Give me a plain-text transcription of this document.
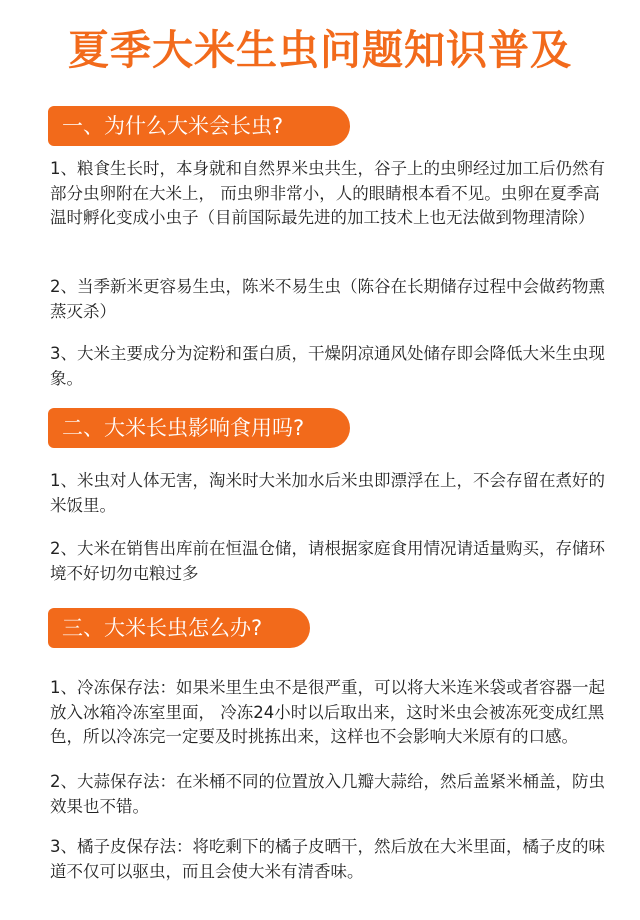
夏季大米生虫问题知识普及
一、为什么大米会长虫?

1、粮食生长时，本身就和自然界米虫共生，谷子上的虫卵经过加工后仍然有部分虫卵附在大米上， 而虫卵非常小，人的眼睛根本看不见。虫卵在夏季高温时孵化变成小虫子（目前国际最先进的加工技术上也无法做到物理清除）

2、当季新米更容易生虫，陈米不易生虫（陈谷在长期储存过程中会做药物熏蒸灭杀）

3、大米主要成分为淀粉和蛋白质，干燥阴凉通风处储存即会降低大米生虫现象。

二、大米长虫影响食用吗?

1、米虫对人体无害，淘米时大米加水后米虫即漂浮在上，不会存留在煮好的米饭里。

2、大米在销售出库前在恒温仓储，请根据家庭食用情况请适量购买，存储环境不好切勿屯粮过多

三、大米长虫怎么办?

1、冷冻保存法：如果米里生虫不是很严重，可以将大米连米袋或者容器一起放入冰箱冷冻室里面， 冷冻24小时以后取出来，这时米虫会被冻死变成红黑色，所以冷冻完一定要及时挑拣出来，这样也不会影响大米原有的口感。

2、大蒜保存法：在米桶不同的位置放入几瓣大蒜给，然后盖紧米桶盖，防虫效果也不错。

3、橘子皮保存法：将吃剩下的橘子皮晒干，然后放在大米里面，橘子皮的味道不仅可以驱虫，而且会使大米有清香味。
